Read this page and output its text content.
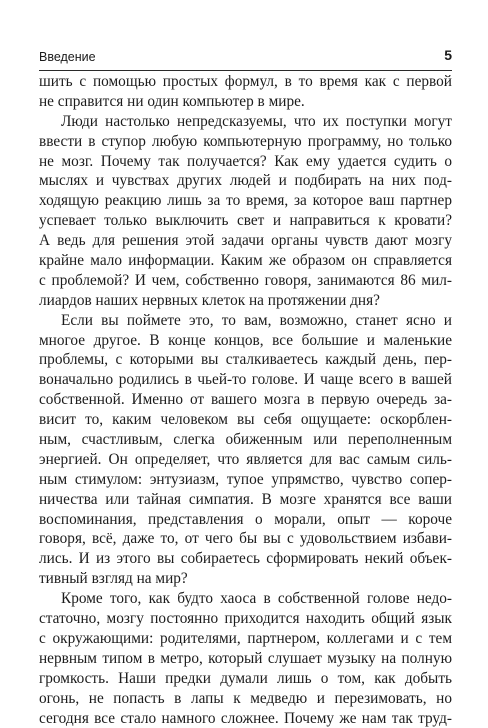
Введение	5
шить с помощью простых формул, в то время как с первой
не справится ни один компьютер в мире.
Люди настолько непредсказуемы, что их поступки могут
ввести в ступор любую компьютерную программу, но только
не мозг. Почему так получается? Как ему удается судить о
мыслях и чувствах других людей и подбирать на них под-
ходящую реакцию лишь за то время, за которое ваш партнер
успевает только выключить свет и направиться к кровати?
А ведь для решения этой задачи органы чувств дают мозгу
крайне мало информации. Каким же образом он справляется
с проблемой? И чем, собственно говоря, занимаются 86 мил-
лиардов наших нервных клеток на протяжении дня?
Если вы поймете это, то вам, возможно, станет ясно и
многое другое. В конце концов, все большие и маленькие
проблемы, с которыми вы сталкиваетесь каждый день, пер-
воначально родились в чьей-то голове. И чаще всего в вашей
собственной. Именно от вашего мозга в первую очередь за-
висит то, каким человеком вы себя ощущаете: оскорблен-
ным, счастливым, слегка обиженным или переполненным
энергией. Он определяет, что является для вас самым силь-
ным стимулом: энтузиазм, тупое упрямство, чувство сопер-
ничества или тайная симпатия. В мозге хранятся все ваши
воспоминания, представления о морали, опыт — короче
говоря, всё, даже то, от чего бы вы с удовольствием избави-
лись. И из этого вы собираетесь сформировать некий объек-
тивный взгляд на мир?
Кроме того, как будто хаоса в собственной голове недо-
статочно, мозгу постоянно приходится находить общий язык
с окружающими: родителями, партнером, коллегами и с тем
нервным типом в метро, который слушает музыку на полную
громкость. Наши предки думали лишь о том, как добыть
огонь, не попасть в лапы к медведю и перезимовать, но
сегодня все стало намного сложнее. Почему же нам так труд-
